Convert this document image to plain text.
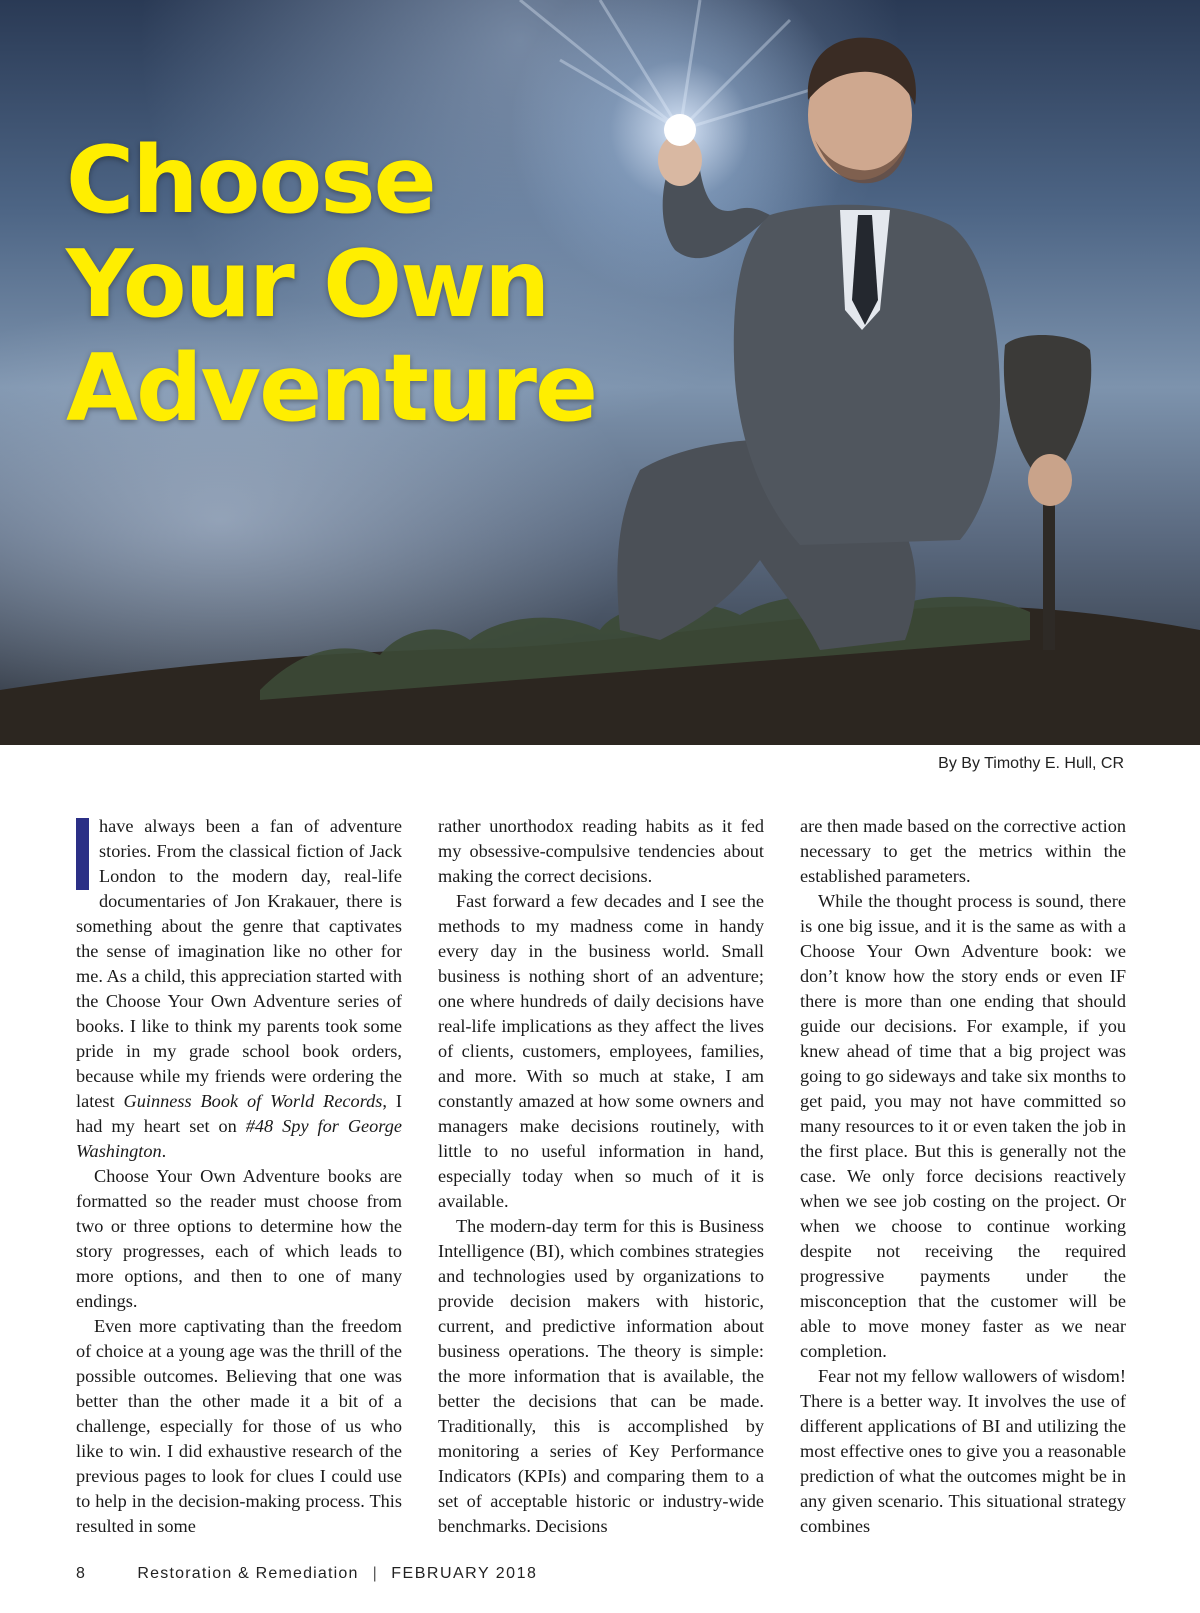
Choose
Your Own
Adventure
By By Timothy E. Hull, CR

have always been a fan of adventure stories. From the classical fiction of Jack London to the modern day, real-life documentaries of Jon Krakauer, there is something about the genre that captivates the sense of imagination like no other for me. As a child, this appreciation started with the Choose Your Own Adventure series of books. I like to think my parents took some pride in my grade school book orders, because while my friends were ordering the latest Guinness Book of World Records, I had my heart set on #48 Spy for George Washington.

Choose Your Own Adventure books are formatted so the reader must choose from two or three options to determine how the story progresses, each of which leads to more options, and then to one of many endings.

Even more captivating than the freedom of choice at a young age was the thrill of the possible outcomes. Believing that one was better than the other made it a bit of a challenge, especially for those of us who like to win. I did exhaustive research of the previous pages to look for clues I could use to help in the decision-making process. This resulted in some

rather unorthodox reading habits as it fed my obsessive-compulsive tendencies about making the correct decisions.

Fast forward a few decades and I see the methods to my madness come in handy every day in the business world. Small business is nothing short of an adventure; one where hundreds of daily decisions have real-life implications as they affect the lives of clients, customers, employees, families, and more. With so much at stake, I am constantly amazed at how some owners and managers make decisions routinely, with little to no useful information in hand, especially today when so much of it is available.

The modern-day term for this is Business Intelligence (BI), which combines strategies and technologies used by organizations to provide decision makers with historic, current, and predictive information about business operations. The theory is simple: the more information that is available, the better the decisions that can be made. Traditionally, this is accomplished by monitoring a series of Key Performance Indicators (KPIs) and comparing them to a set of acceptable historic or industry-wide benchmarks. Decisions

are then made based on the corrective action necessary to get the metrics within the established parameters.

While the thought process is sound, there is one big issue, and it is the same as with a Choose Your Own Adventure book: we don’t know how the story ends or even IF there is more than one ending that should guide our decisions. For example, if you knew ahead of time that a big project was going to go sideways and take six months to get paid, you may not have committed so many resources to it or even taken the job in the first place. But this is generally not the case. We only force decisions reactively when we see job costing on the project. Or when we choose to continue working despite not receiving the required progressive payments under the misconception that the customer will be able to move money faster as we near completion.

Fear not my fellow wallowers of wisdom! There is a better way. It involves the use of different applications of BI and utilizing the most effective ones to give you a reasonable prediction of what the outcomes might be in any given scenario. This situational strategy combines

8	Restoration & Remediation | FEBRUARY 2018
